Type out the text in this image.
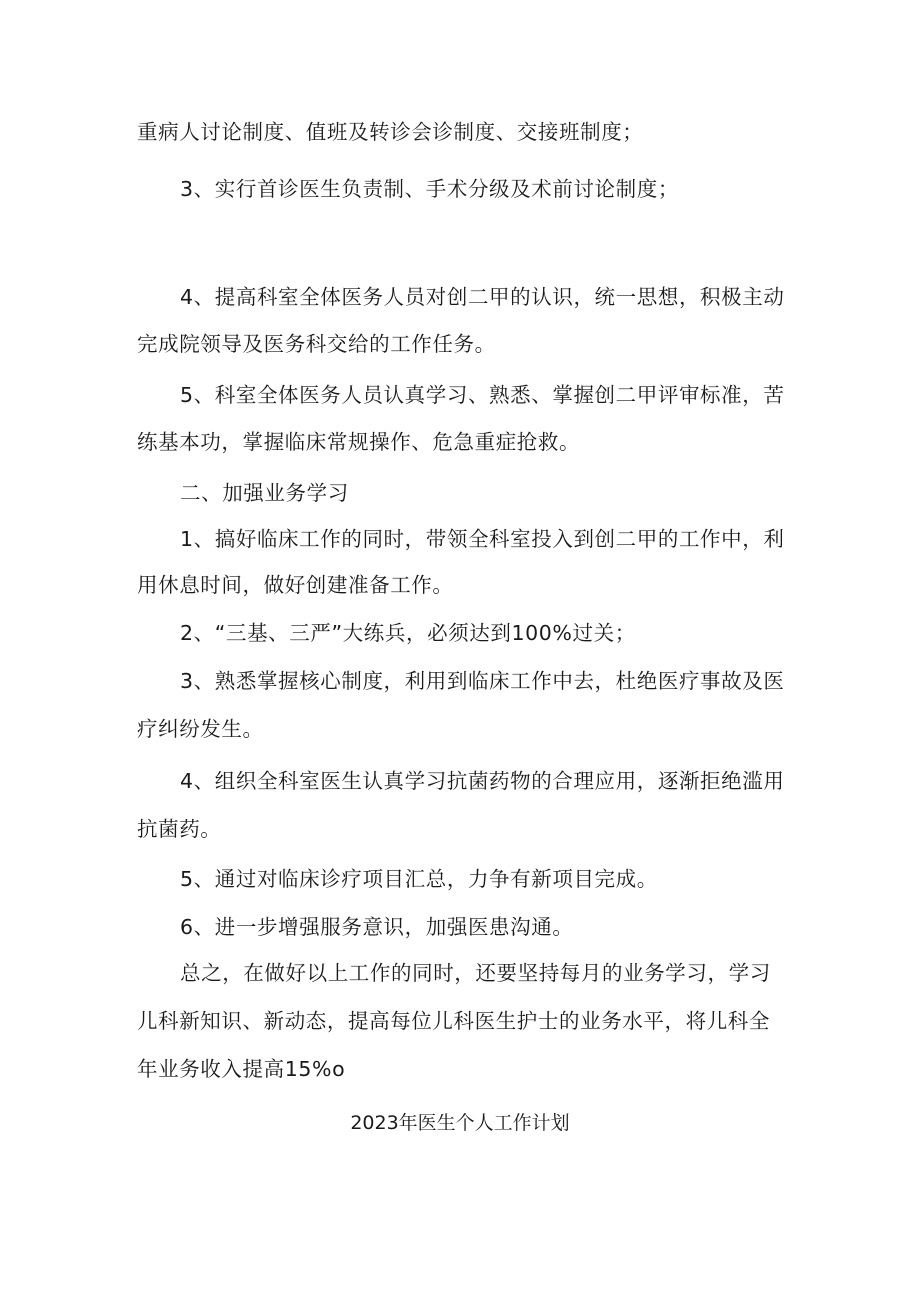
重病人讨论制度、值班及转诊会诊制度、交接班制度；
3、实行首诊医生负责制、手术分级及术前讨论制度；
4、提高科室全体医务人员对创二甲的认识，统一思想，积极主动
完成院领导及医务科交给的工作任务。
5、科室全体医务人员认真学习、熟悉、掌握创二甲评审标准，苦
练基本功，掌握临床常规操作、危急重症抢救。
二、加强业务学习
1、搞好临床工作的同时，带领全科室投入到创二甲的工作中，利
用休息时间，做好创建准备工作。
2、“三基、三严”大练兵，必须达到100%过关；
3、熟悉掌握核心制度，利用到临床工作中去，杜绝医疗事故及医
疗纠纷发生。
4、组织全科室医生认真学习抗菌药物的合理应用，逐渐拒绝滥用
抗菌药。
5、通过对临床诊疗项目汇总，力争有新项目完成。
6、进一步增强服务意识，加强医患沟通。
总之，在做好以上工作的同时，还要坚持每月的业务学习，学习
儿科新知识、新动态，提高每位儿科医生护士的业务水平，将儿科全
年业务收入提高15%o
2023年医生个人工作计划
